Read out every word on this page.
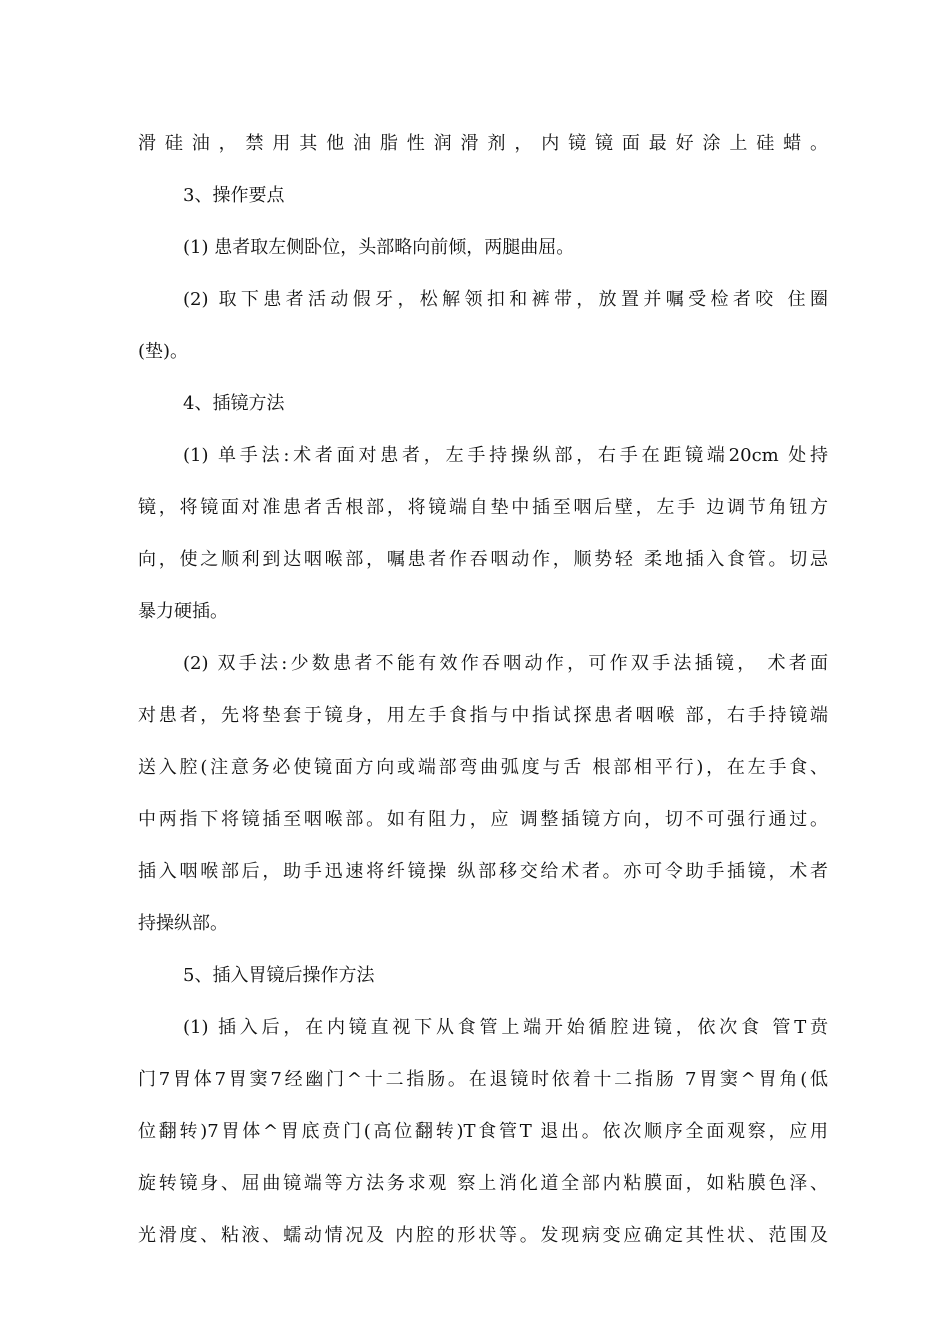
滑硅油，禁用其他油脂性润滑剂，内镜镜面最好涂上硅蜡。
3、操作要点
(1) 患者取左侧卧位，头部略向前倾，两腿曲屈。
(2) 取下患者活动假牙，松解领扣和裤带，放置并嘱受检者咬 住圈
(垫)。
4、插镜方法
(1) 单手法:术者面对患者，左手持操纵部，右手在距镜端20cm 处持
镜，将镜面对准患者舌根部，将镜端自垫中插至咽后壁，左手 边调节角钮方
向，使之顺利到达咽喉部，嘱患者作吞咽动作，顺势轻 柔地插入食管。切忌
暴力硬插。
(2) 双手法:少数患者不能有效作吞咽动作，可作双手法插镜， 术者面
对患者，先将垫套于镜身，用左手食指与中指试探患者咽喉 部，右手持镜端
送入腔(注意务必使镜面方向或端部弯曲弧度与舌 根部相平行)，在左手食、
中两指下将镜插至咽喉部。如有阻力，应 调整插镜方向，切不可强行通过。
插入咽喉部后，助手迅速将纤镜操 纵部移交给术者。亦可令助手插镜，术者
持操纵部。
5、插入胃镜后操作方法
(1) 插入后，在内镜直视下从食管上端开始循腔进镜，依次食 管T贲
门7胃体7胃窦7经幽门^十二指肠。在退镜时依着十二指肠 7胃窦^胃角(低
位翻转)7胃体^胃底贲门(高位翻转)T食管T 退出。依次顺序全面观察，应用
旋转镜身、屈曲镜端等方法务求观 察上消化道全部内粘膜面，如粘膜色泽、
光滑度、粘液、蠕动情况及 内腔的形状等。发现病变应确定其性状、范围及
